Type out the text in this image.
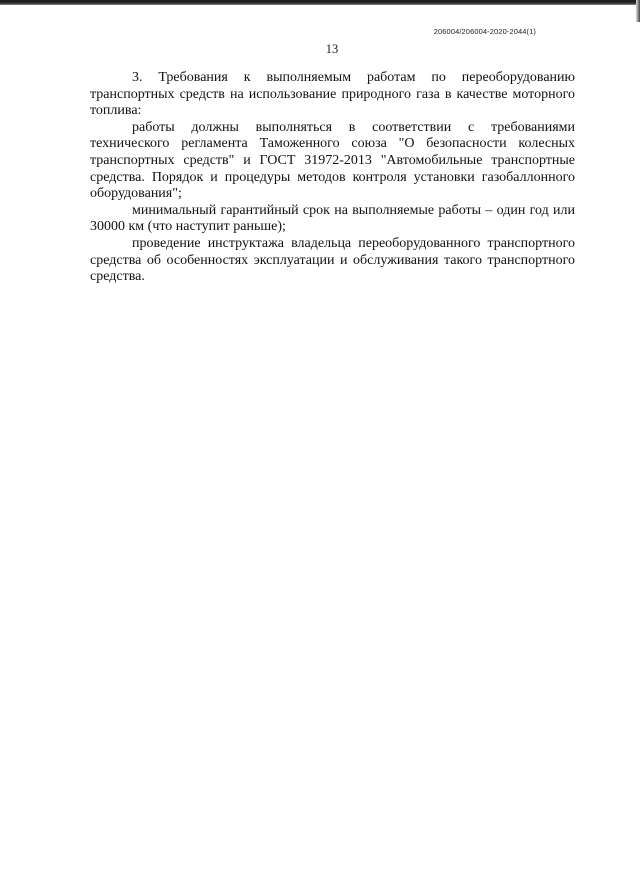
206004/206004-2020-2044(1)
13

3. Требования к выполняемым работам по переоборудованию транспортных средств на использование природного газа в качестве моторного топлива:

работы должны выполняться в соответствии с требованиями технического регламента Таможенного союза "О безопасности колесных транспортных средств" и ГОСТ 31972-2013 "Автомобильные транспортные средства. Порядок и процедуры методов контроля установки газобаллонного оборудования";

минимальный гарантийный срок на выполняемые работы – один год или 30000 км (что наступит раньше);

проведение инструктажа владельца переоборудованного транспортного средства об особенностях эксплуатации и обслуживания такого транспортного средства.
